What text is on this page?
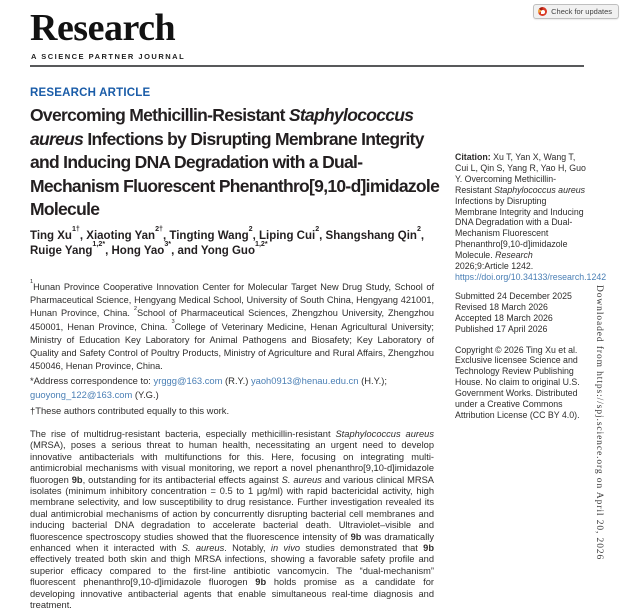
Check for updates
Research
A SCIENCE PARTNER JOURNAL
RESEARCH ARTICLE
Overcoming Methicillin-Resistant Staphylococcus aureus Infections by Disrupting Membrane Integrity and Inducing DNA Degradation with a Dual-Mechanism Fluorescent Phenanthro[9,10-d]imidazole Molecule
Ting $Xu^{1\dagger}$, Xiaoting Yan$^{2\dagger}$, Tingting Wang$^2$, Liping Cui$^2$, Shangshang Qin$^2$, Ruige Yang$^{1,2*}$, Hong Yao$^{3*}$, and Yong Guo$^{1,2*}$
$^1$Hunan Province Cooperative Innovation Center for Molecular Target New Drug Study, School of Pharmaceutical Science, Hengyang Medical School, University of South China, Hengyang 421001, Hunan Province, China. $^2$School of Pharmaceutical Sciences, Zhengzhou University, Zhengzhou 450001, Henan Province, China. $^3$College of Veterinary Medicine, Henan Agricultural University; Ministry of Education Key Laboratory for Animal Pathogens and Biosafety; Key Laboratory of Quality and Safety Control of Poultry Products, Ministry of Agriculture and Rural Affairs, Zhengzhou 450046, Henan Province, China.
*Address correspondence to: yrggg@163.com (R.Y.) yaoh0913@henau.edu.cn (H.Y.); guoyong_122@163.com (Y.G.)
†These authors contributed equally to this work.
The rise of multidrug-resistant bacteria, especially methicillin-resistant Staphylococcus aureus (MRSA), poses a serious threat to human health, necessitating an urgent need to develop innovative antibacterials with multifunctions for this. Here, focusing on integrating multi-antimicrobial mechanisms with visual monitoring, we report a novel phenanthro[9,10-d]imidazole fluorogen 9b, outstanding for its antibacterial effects against S. aureus and various clinical MRSA isolates (minimum inhibitory concentration = 0.5 to 1 μg/ml) with rapid bactericidal activity, high membrane selectivity, and low susceptibility to drug resistance. Further investigation revealed its dual antimicrobial mechanisms of action by concurrently disrupting bacterial cell membranes and inducing bacterial DNA degradation to accelerate bacterial death. Ultraviolet–visible and fluorescence spectroscopy studies showed that the fluorescence intensity of 9b was dramatically enhanced when it interacted with S. aureus. Notably, in vivo studies demonstrated that 9b effectively treated both skin and thigh MRSA infections, showing a favorable safety profile and superior efficacy compared to the first-line antibiotic vancomycin. The “dual-mechanism” fluorescent phenanthro[9,10-d]imidazole fluorogen 9b holds promise as a candidate for developing innovative antibacterial agents that enable simultaneous real-time diagnosis and treatment.
Citation: Xu T, Yan X, Wang T, Cui L, Qin S, Yang R, Yao H, Guo Y. Overcoming Methicillin-Resistant Staphylococcus aureus Infections by Disrupting Membrane Integrity and Inducing DNA Degradation with a Dual-Mechanism Fluorescent Phenanthro[9,10-d]imidazole Molecule. Research 2026;9:Article 1242. https://doi.org/10.34133/research.1242
Submitted 24 December 2025
Revised 18 March 2026
Accepted 18 March 2026
Published 17 April 2026
Copyright © 2026 Ting Xu et al. Exclusive licensee Science and Technology Review Publishing House. No claim to original U.S. Government Works. Distributed under a Creative Commons Attribution License (CC BY 4.0).	Downloaded from https://spj.science.org on April 20, 2026
